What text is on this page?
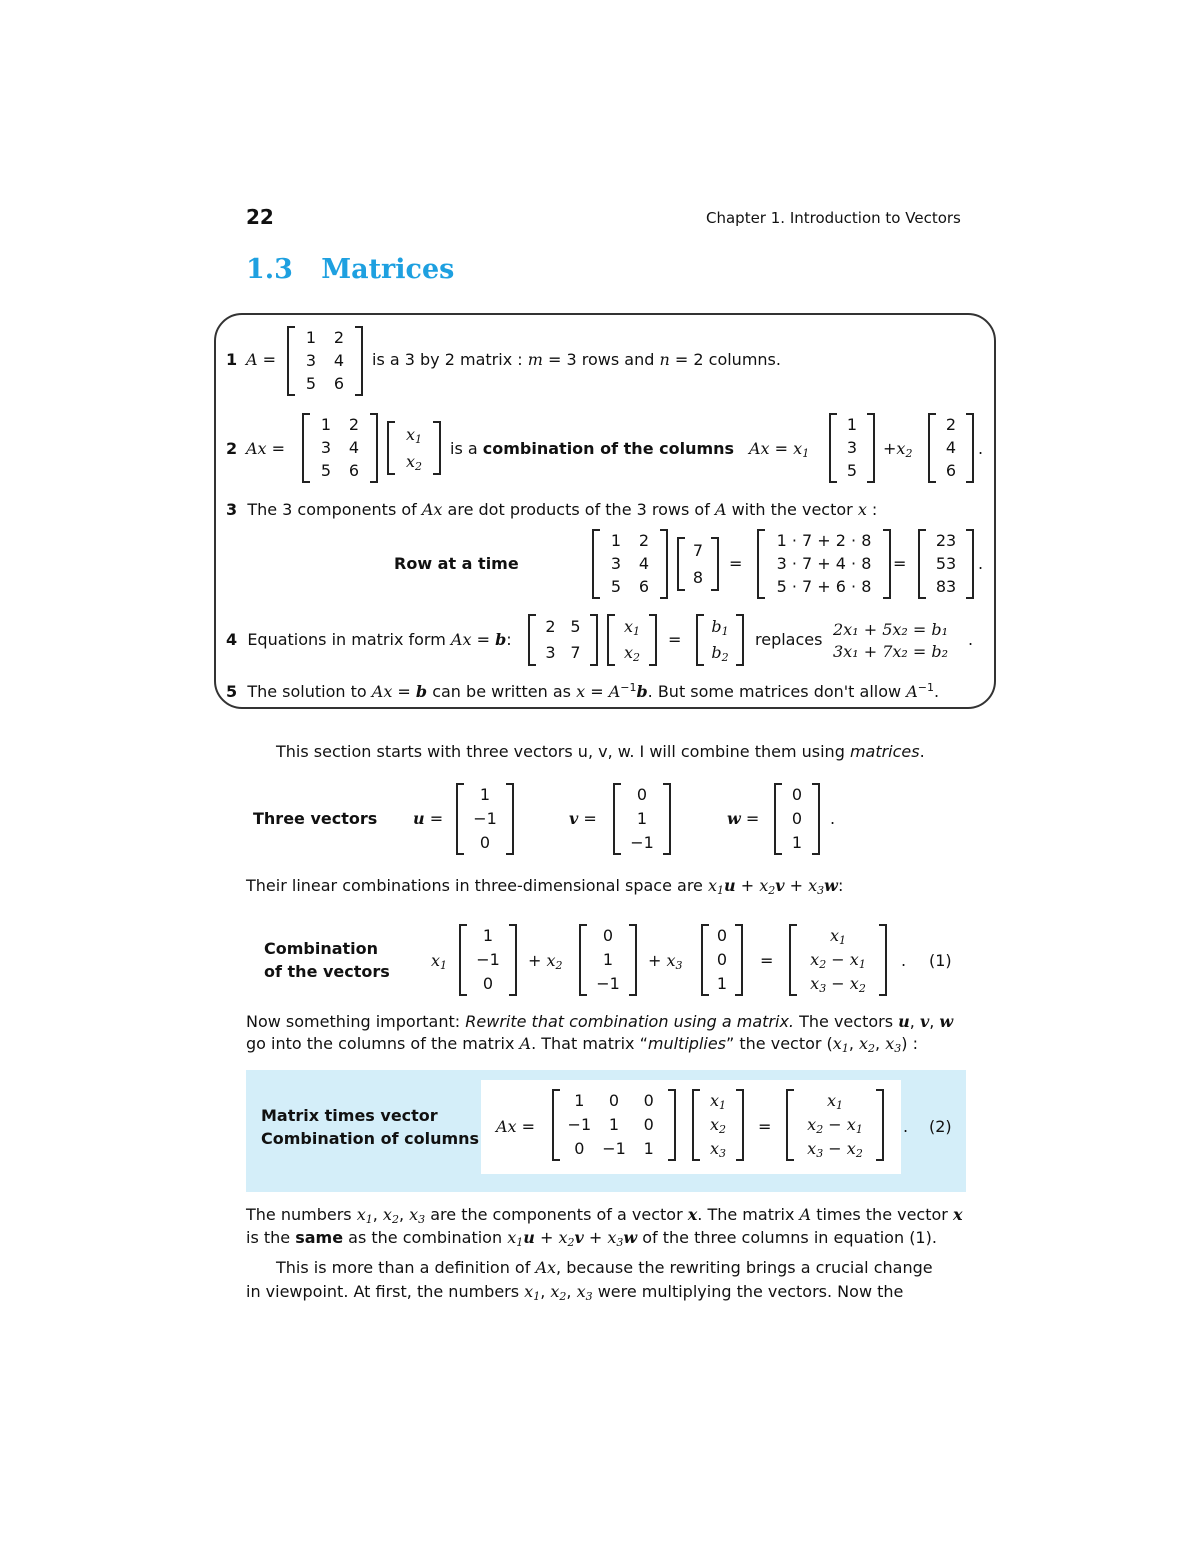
22	Chapter 1. Introduction to Vectors
1.3 Matrices
1 A =
1 2
3 4
5 6
is a 3 by 2 matrix : m = 3 rows and n = 2 columns.
2 Ax =
1 2
3 4
5 6
$x_1$
$x_2$
is a combination of the columns $Ax = x_1$
1
3
5
$+x_2$
2
4
6
.
3 The 3 components of Ax are dot products of the 3 rows of A with the vector x :
Row at a time
1 2
3 4
5 6
7
8
=
1 · 7 + 2 · 8
3 · 7 + 4 · 8
5 · 7 + 6 · 8
=
23
53
83
.
4 Equations in matrix form Ax = b:
2 5
3 7
$x_1$
$x_2$
=
$b_1$
$b_2$
replaces
2x₁ + 5x₂ = b₁
3x₁ + 7x₂ = b₂
.
5 The solution to Ax = b can be written as $x = A^{-1}b$. But some matrices don't allow $A^{-1}$.
This section starts with three vectors u, v, w. I will combine them using matrices.
Three vectors u =
1
−1
0
v =
0
1
−1
w =
0
0
1
.
Their linear combinations in three-dimensional space are $x_1u + x_2v + x_3w$:
Combination
of the vectors
$x_1$
1
−1
0
+ $x_2$
0
1
−1
+ $x_3$
0
0
1
=
$x_1$
$x_2 - x_1$
$x_3 - x_2$
. (1)
Now something important: Rewrite that combination using a matrix. The vectors u, v, w
go into the columns of the matrix A. That matrix “multiplies” the vector ($x_1$, $x_2$, $x_3$) :
Matrix times vector
Combination of columns
Ax =
1 0 0
−1 1 0
0 −1 1
$x_1$
$x_2$
$x_3$
=
$x_1$
$x_2 - x_1$
$x_3 - x_2$
. (2)
The numbers $x_1$, $x_2$, $x_3$ are the components of a vector x. The matrix A times the vector x
is the same as the combination $x_1u + x_2v + x_3w$ of the three columns in equation (1).
This is more than a definition of Ax, because the rewriting brings a crucial change
in viewpoint. At first, the numbers $x_1$, $x_2$, $x_3$ were multiplying the vectors. Now the
